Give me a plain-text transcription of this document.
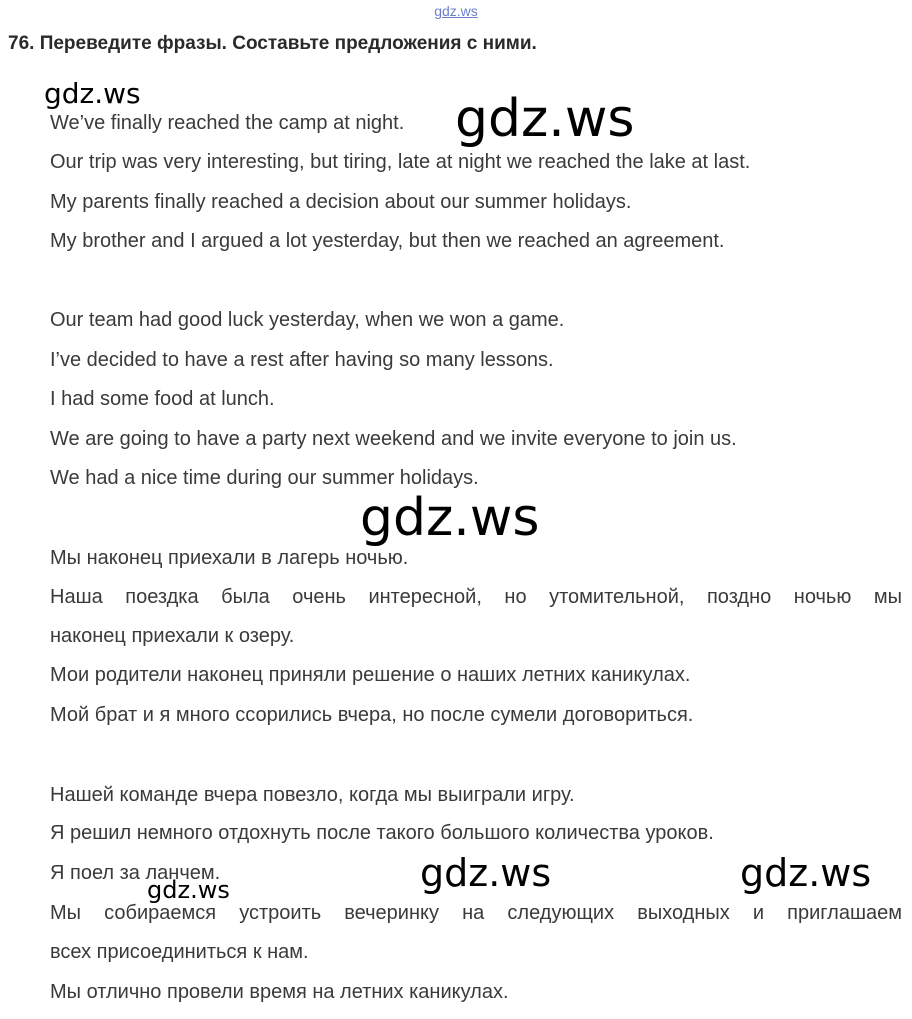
gdz.ws
76. Переведите фразы. Составьте предложения с ними.
We’ve finally reached the camp at night.
Our trip was very interesting, but tiring, late at night we reached the lake at last.
My parents finally reached a decision about our summer holidays.
My brother and I argued a lot yesterday, but then we reached an agreement.
Our team had good luck yesterday, when we won a game.
I’ve decided to have a rest after having so many lessons.
I had some food at lunch.
We are going to have a party next weekend and we invite everyone to join us.
We had a nice time during our summer holidays.
Мы наконец приехали в лагерь ночью.
Наша поездка была очень интересной, но утомительной, поздно ночью мы
наконец приехали к озеру.
Мои родители наконец приняли решение о наших летних каникулах.
Мой брат и я много ссорились вчера, но после сумели договориться.
Нашей команде вчера повезло, когда мы выиграли игру.
Я решил немного отдохнуть после такого большого количества уроков.
Я поел за ланчем.
Мы собираемся устроить вечеринку на следующих выходных и приглашаем
всех присоединиться к нам.
Мы отлично провели время на летних каникулах.
gdz.ws	gdz.ws
gdz.ws
gdz.ws	gdz.ws	gdz.ws
